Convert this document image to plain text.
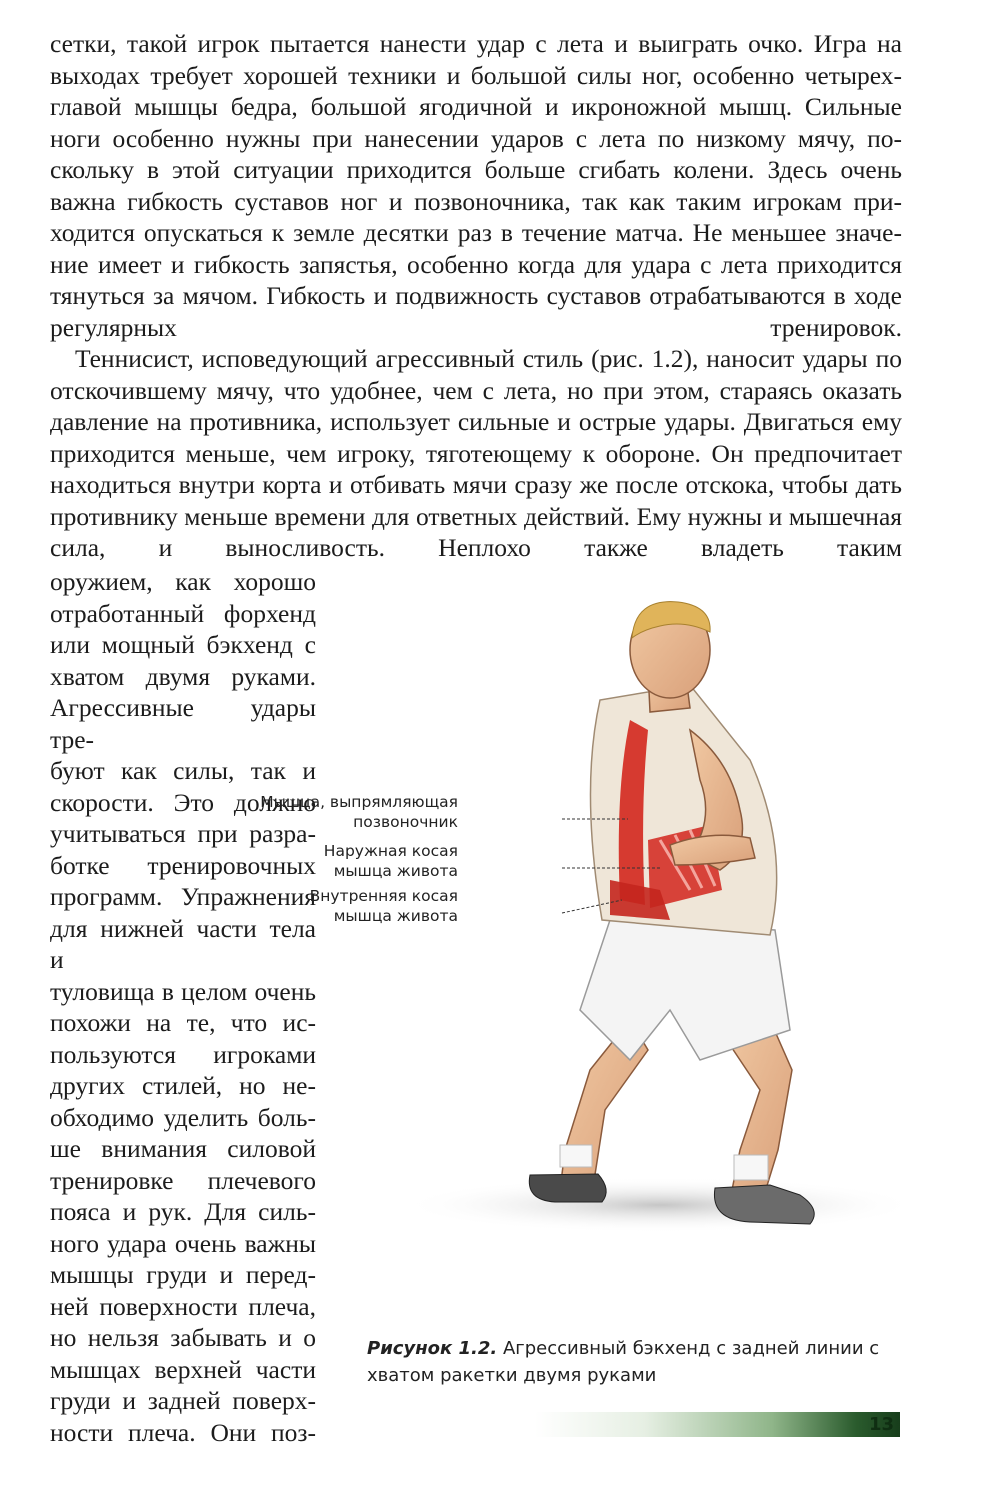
сетки, такой игрок пытается нанести удар с лета и выиграть очко. Игра на выходах требует хорошей техники и большой силы ног, особенно четырехглавой мышцы бедра, большой ягодичной и икроножной мышц. Сильные ноги особенно нужны при нанесении ударов с лета по низкому мячу, поскольку в этой ситуации приходится больше сгибать колени. Здесь очень важна гибкость суставов ног и позвоночника, так как таким игрокам приходится опускаться к земле десятки раз в течение матча. Не меньшее значение имеет и гибкость запястья, особенно когда для удара с лета приходится тянуться за мячом. Гибкость и подвижность суставов отрабатываются в ходе регулярных тренировок.

Теннисист, исповедующий агрессивный стиль (рис. 1.2), наносит удары по отскочившему мячу, что удобнее, чем с лета, но при этом, стараясь оказать давление на противника, использует сильные и острые удары. Двигаться ему приходится меньше, чем игроку, тяготеющему к обороне. Он предпочитает находиться внутри корта и отбивать мячи сразу же после отскока, чтобы дать противнику меньше времени для ответных действий. Ему нужны и мышечная сила, и выносливость. Неплохо также владеть таким

оружием, как хорошо

отработанный форхенд

или мощный бэкхенд с

хватом двумя руками.

Агрессивные удары тре-

буют как силы, так и

скорости. Это должно

учитываться при разра-

ботке тренировочных

программ. Упражнения

для нижней части тела и

туловища в целом очень

похожи на те, что ис-

пользуются игроками

других стилей, но не-

обходимо уделить боль-

ше внимания силовой

тренировке плечевого

пояса и рук. Для силь-

ного удара очень важны

мышцы груди и перед-

ней поверхности плеча,

но нельзя забывать и о

мышцах верхней части

груди и задней поверх-

ности плеча. Они поз-

Мышца, выпрямляющая
позвоночник
Наружная косая
мышца живота
Внутренняя косая
мышца живота
Рисунок 1.2. Агрессивный бэкхенд с задней линии с хватом ракетки двумя руками
13
